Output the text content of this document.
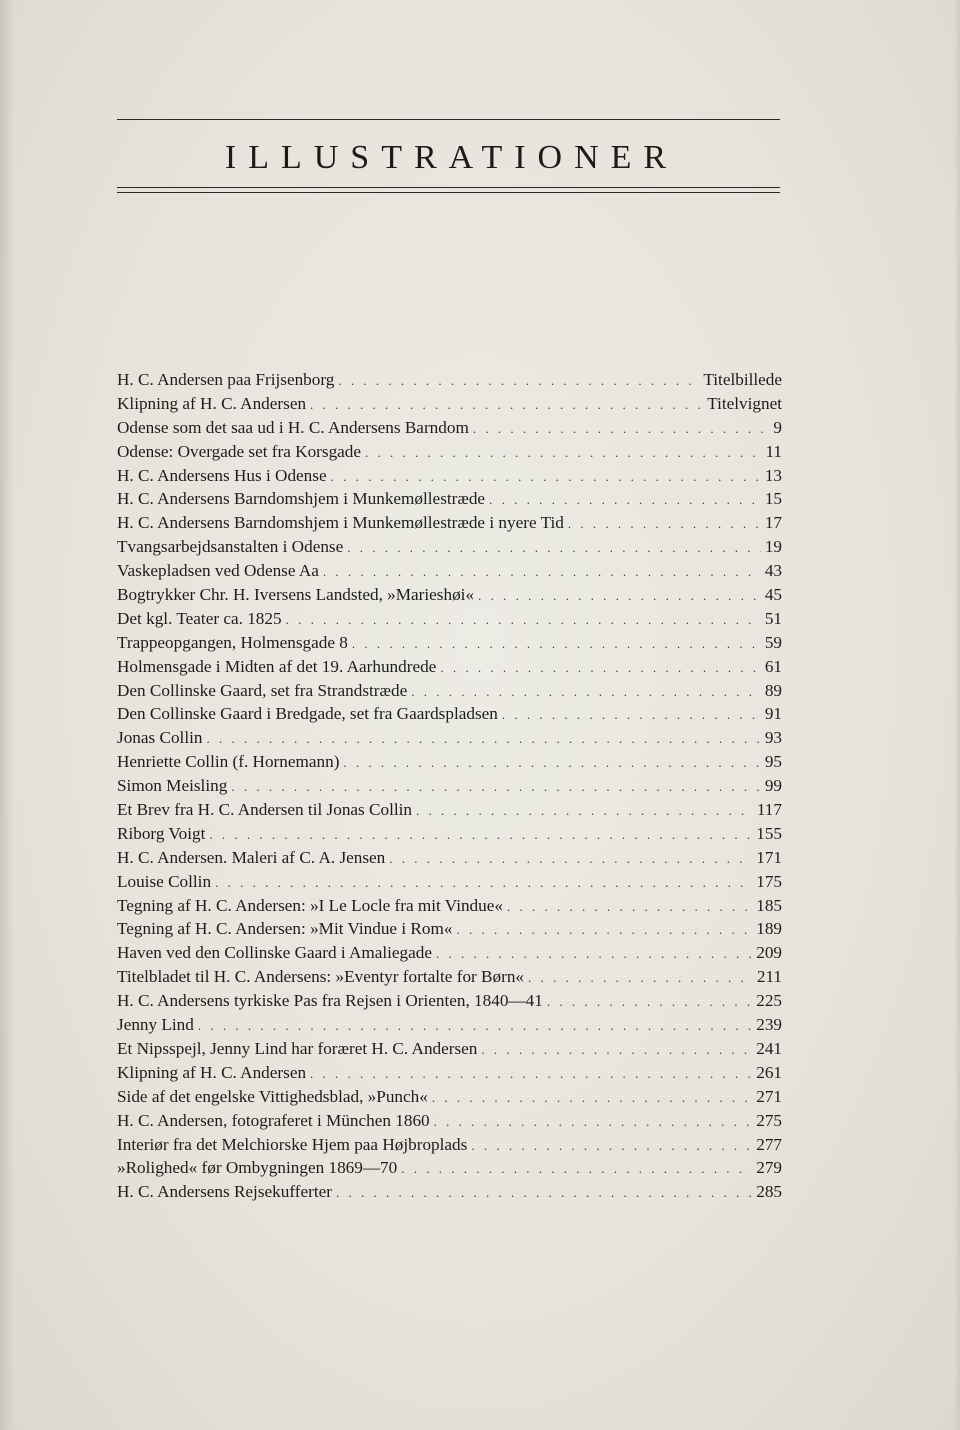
ILLUSTRATIONER
H. C. Andersen paa Frijsenborg . . .	Titelbillede
Klipning af H. C. Andersen . . .	Titelvignet
Odense som det saa ud i H. C. Andersens Barndom . . .	9
Odense: Overgade set fra Korsgade . . .	11
H. C. Andersens Hus i Odense . . .	13
H. C. Andersens Barndomshjem i Munkemøllestræde . . .	15
H. C. Andersens Barndomshjem i Munkemøllestræde i nyere Tid . . .	17
Tvangsarbejdsanstalten i Odense . . .	19
Vaskepladsen ved Odense Aa . . .	43
Bogtrykker Chr. H. Iversens Landsted, »Marieshøi« . . .	45
Det kgl. Teater ca. 1825 . . .	51
Trappeopgangen, Holmensgade 8 . . .	59
Holmensgade i Midten af det 19. Aarhundrede . . .	61
Den Collinske Gaard, set fra Strandstræde . . .	89
Den Collinske Gaard i Bredgade, set fra Gaardspladsen . . .	91
Jonas Collin . . .	93
Henriette Collin (f. Hornemann) . . .	95
Simon Meisling . . .	99
Et Brev fra H. C. Andersen til Jonas Collin . . .	117
Riborg Voigt . . .	155
H. C. Andersen. Maleri af C. A. Jensen . . .	171
Louise Collin . . .	175
Tegning af H. C. Andersen: »I Le Locle fra mit Vindue« . . .	185
Tegning af H. C. Andersen: »Mit Vindue i Rom« . . .	189
Haven ved den Collinske Gaard i Amaliegade . . .	209
Titelbladet til H. C. Andersens: »Eventyr fortalte for Børn« . . .	211
H. C. Andersens tyrkiske Pas fra Rejsen i Orienten, 1840—41 . . .	225
Jenny Lind . . .	239
Et Nipsspejl, Jenny Lind har foræret H. C. Andersen . . .	241
Klipning af H. C. Andersen . . .	261
Side af det engelske Vittighedsblad, »Punch« . . .	271
H. C. Andersen, fotograferet i München 1860 . . .	275
Interiør fra det Melchiorske Hjem paa Højbroplads . . .	277
»Rolighed« før Ombygningen 1869—70 . . .	279
H. C. Andersens Rejsekufferter . . .	285
